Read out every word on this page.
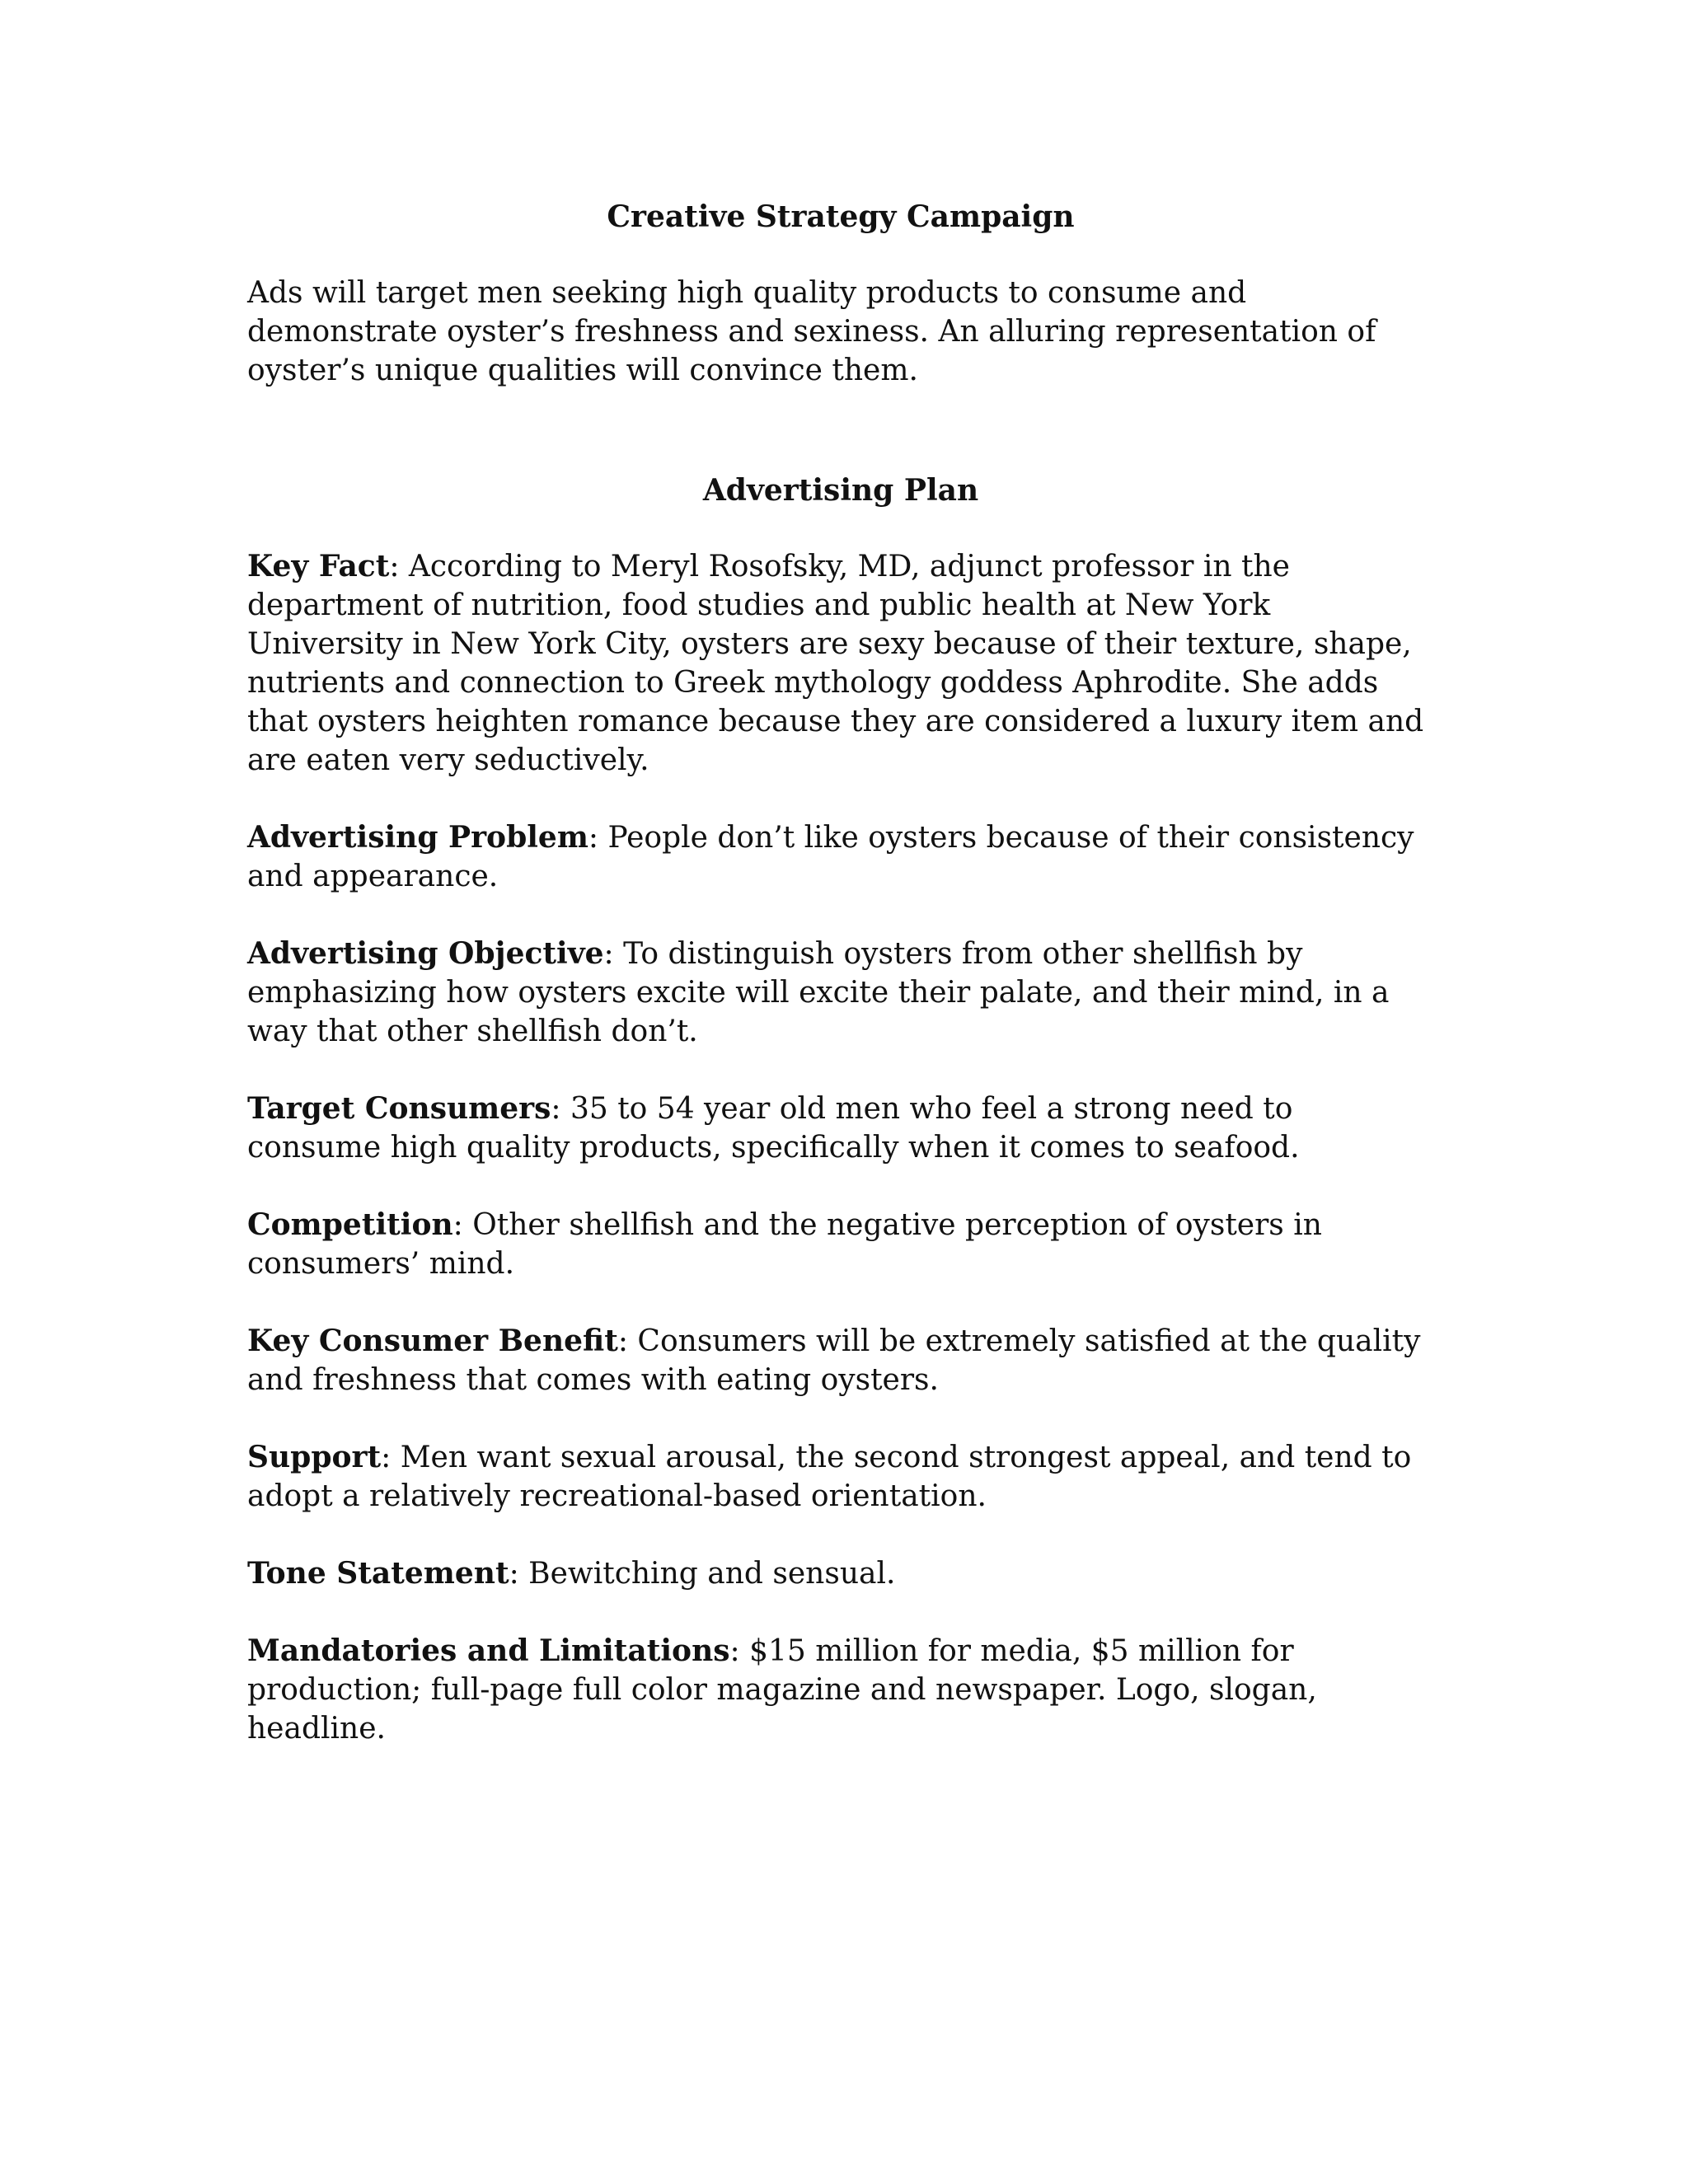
Creative Strategy Campaign

Ads will target men seeking high quality products to consume and demonstrate oyster’s freshness and sexiness. An alluring representation of oyster’s unique qualities will convince them.

Advertising Plan

Key Fact: According to Meryl Rosofsky, MD, adjunct professor in the department of nutrition, food studies and public health at New York University in New York City, oysters are sexy because of their texture, shape, nutrients and connection to Greek mythology goddess Aphrodite. She adds that oysters heighten romance because they are considered a luxury item and are eaten very seductively.

Advertising Problem: People don’t like oysters because of their consistency and appearance.

Advertising Objective: To distinguish oysters from other shellfish by emphasizing how oysters excite will excite their palate, and their mind, in a way that other shellfish don’t.

Target Consumers: 35 to 54 year old men who feel a strong need to consume high quality products, specifically when it comes to seafood.

Competition: Other shellfish and the negative perception of oysters in consumers’ mind.

Key Consumer Benefit: Consumers will be extremely satisfied at the quality and freshness that comes with eating oysters.

Support: Men want sexual arousal, the second strongest appeal, and tend to adopt a relatively recreational-based orientation.

Tone Statement: Bewitching and sensual.

Mandatories and Limitations: $15 million for media, $5 million for production; full-page full color magazine and newspaper. Logo, slogan, headline.
